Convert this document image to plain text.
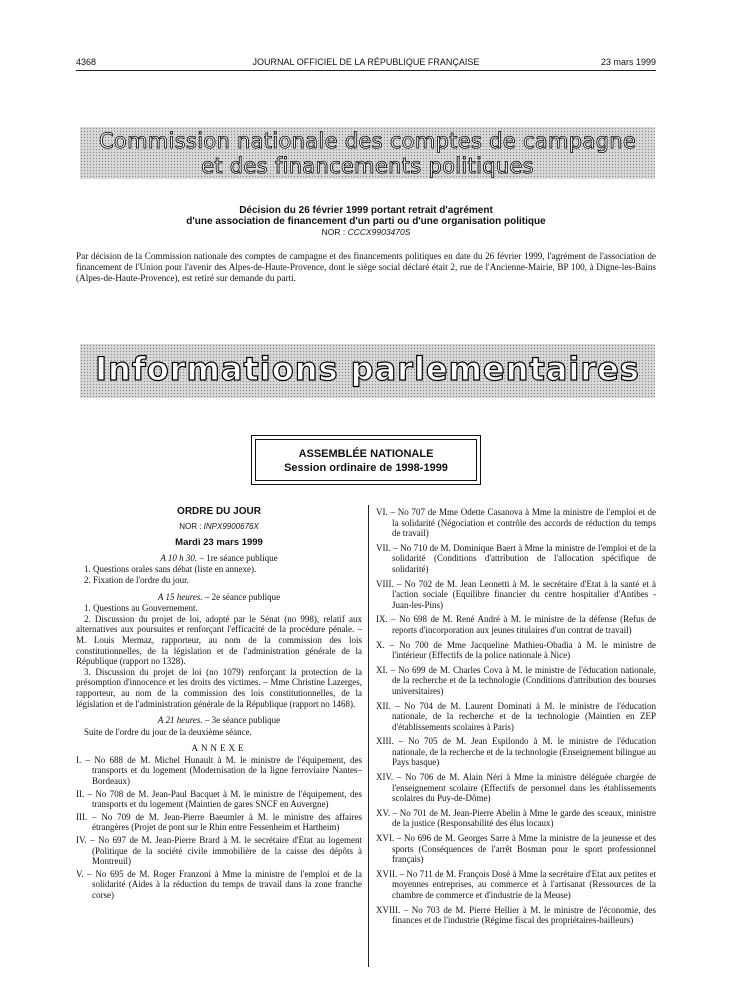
4368	JOURNAL OFFICIEL DE LA RÉPUBLIQUE FRANÇAISE	23 mars 1999
Commission nationale des comptes de campagne
et des financements politiques
Décision du 26 février 1999 portant retrait d'agrément
d'une association de financement d'un parti ou d'une organisation politique
NOR : CCCX9903470S
Par décision de la Commission nationale des comptes de campagne et des financements politiques en date du 26 février 1999, l'agrément de l'association de financement de l'Union pour l'avenir des Alpes-de-Haute-Provence, dont le siège social déclaré était 2, rue de l'Ancienne-Mairie, BP 100, à Digne-les-Bains (Alpes-de-Haute-Provence), est retiré sur demande du parti.
Informations parlementaires
ASSEMBLÉE NATIONALE
Session ordinaire de 1998-1999
ORDRE DU JOUR
NOR : INPX9900676X
Mardi 23 mars 1999
A 10 h 30. – 1re séance publique

1. Questions orales sans débat (liste en annexe).

2. Fixation de l'ordre du jour.

A 15 heures. – 2e séance publique

1. Questions au Gouvernement.

2. Discussion du projet de loi, adopté par le Sénat (no 998), relatif aux alternatives aux poursuites et renforçant l'efficacité de la procédure pénale. – M. Louis Mermaz, rapporteur, au nom de la commission des lois constitutionnelles, de la législation et de l'administration générale de la République (rapport no 1328).

3. Discussion du projet de loi (no 1079) renforçant la protection de la présomption d'innocence et les droits des victimes. – Mme Christine Lazerges, rapporteur, au nom de la commission des lois constitutionnelles, de la législation et de l'administration générale de la République (rapport no 1468).

A 21 heures. – 3e séance publique

Suite de l'ordre du jour de la deuxième séance.

ANNEXE

I. – No 688 de M. Michel Hunault à M. le ministre de l'équipement, des transports et du logement (Modernisation de la ligne ferroviaire Nantes–Bordeaux)

II. – No 708 de M. Jean-Paul Bacquet à M. le ministre de l'équipement, des transports et du logement (Maintien de gares SNCF en Auvergne)

III. – No 709 de M. Jean-Pierre Baeumler à M. le ministre des affaires étrangères (Projet de pont sur le Rhin entre Fessenheim et Hartheim)

IV. – No 697 de M. Jean-Pierre Brard à M. le secrétaire d'Etat au logement (Politique de la société civile immobilière de la caisse des dépôts à Montreuil)

V. – No 695 de M. Roger Franzoni à Mme la ministre de l'emploi et de la solidarité (Aides à la réduction du temps de travail dans la zone franche corse)

VI. – No 707 de Mme Odette Casanova à Mme la ministre de l'emploi et de la solidarité (Négociation et contrôle des accords de réduction du temps de travail)

VII. – No 710 de M. Dominique Baert à Mme la ministre de l'emploi et de la solidarité (Conditions d'attribution de l'allocation spécifique de solidarité)

VIII. – No 702 de M. Jean Leonetti à M. le secrétaire d'Etat à la santé et à l'action sociale (Equilibre financier du centre hospitalier d'Antibes - Juan-les-Pins)

IX. – No 698 de M. René André à M. le ministre de la défense (Refus de reports d'incorporation aux jeunes titulaires d'un contrat de travail)

X. – No 700 de Mme Jacqueline Mathieu-Obadia à M. le ministre de l'intérieur (Effectifs de la police nationale à Nice)

XI. – No 699 de M. Charles Cova à M. le ministre de l'éducation nationale, de la recherche et de la technologie (Conditions d'attribution des bourses universitaires)

XII. – No 704 de M. Laurent Dominati à M. le ministre de l'éducation nationale, de la recherche et de la technologie (Maintien en ZEP d'établissements scolaires à Paris)

XIII. – No 705 de M. Jean Espilondo à M. le ministre de l'éducation nationale, de la recherche et de la technologie (Enseignement bilingue au Pays basque)

XIV. – No 706 de M. Alain Néri à Mme la ministre déléguée chargée de l'enseignement scolaire (Effectifs de personnel dans les établissements scolaires du Puy-de-Dôme)

XV. – No 701 de M. Jean-Pierre Abelin à Mme le garde des sceaux, ministre de la justice (Responsabilité des élus locaux)

XVI. – No 696 de M. Georges Sarre à Mme la ministre de la jeunesse et des sports (Conséquences de l'arrêt Bosman pour le sport professionnel français)

XVII. – No 711 de M. François Dosé à Mme la secrétaire d'Etat aux petites et moyennes entreprises, au commerce et à l'artisanat (Ressources de la chambre de commerce et d'industrie de la Meuse)

XVIII. – No 703 de M. Pierre Hellier à M. le ministre de l'économie, des finances et de l'industrie (Régime fiscal des propriétaires-bailleurs)
